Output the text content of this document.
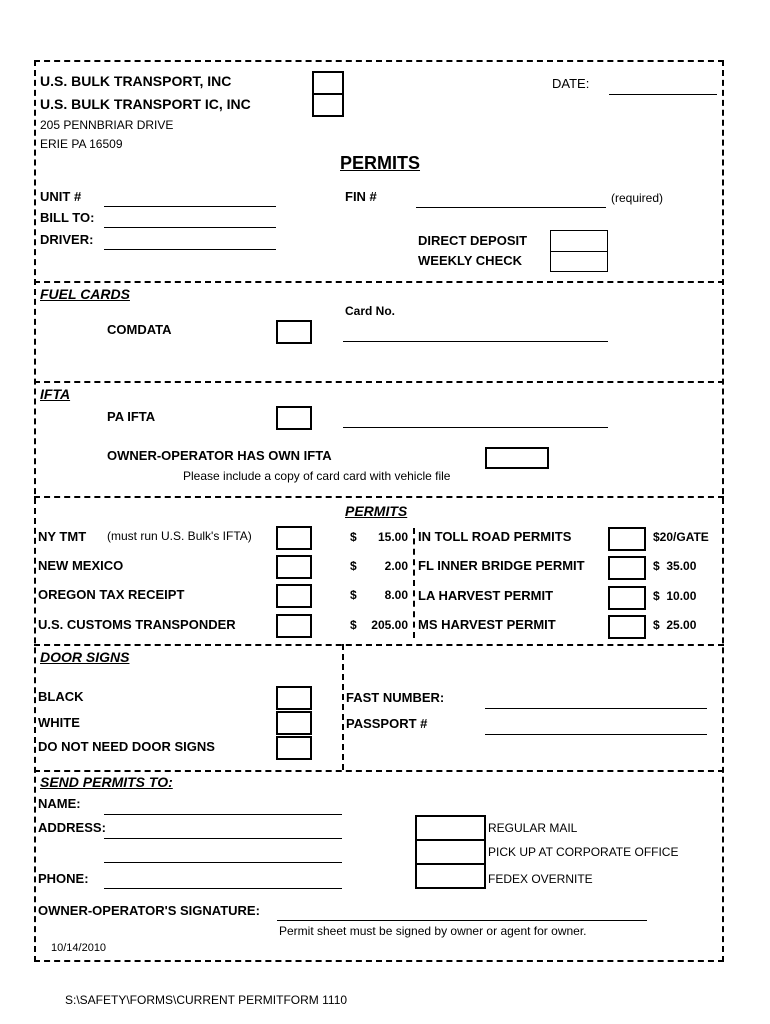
U.S. BULK TRANSPORT, INC
U.S. BULK TRANSPORT IC, INC
205 PENNBRIAR DRIVE
ERIE PA 16509
DATE:
PERMITS
UNIT #
BILL TO:
DRIVER:
FIN #	(required)
DIRECT DEPOSIT
WEEKLY CHECK
FUEL CARDS
Card No.
COMDATA
IFTA
PA IFTA
OWNER-OPERATOR HAS OWN IFTA
Please include a copy of card card with vehicle file
PERMITS
NY TMT (must run U.S. Bulk's IFTA)	$ 15.00
NEW MEXICO	$	2.00
OREGON TAX RECEIPT	$	8.00
U.S. CUSTOMS TRANSPONDER	$	205.00
IN TOLL ROAD PERMITS	$20/GATE
FL INNER BRIDGE PERMIT	$  35.00
LA HARVEST PERMIT	$  10.00
MS HARVEST PERMIT	$  25.00
DOOR SIGNS
BLACK
WHITE
DO NOT NEED DOOR SIGNS
FAST NUMBER:
PASSPORT #
SEND PERMITS TO:
NAME:
ADDRESS:
PHONE:
REGULAR MAIL
PICK UP AT CORPORATE OFFICE
FEDEX OVERNITE
OWNER-OPERATOR'S SIGNATURE:
Permit sheet must be signed by owner or agent for owner.
10/14/2010
S:\SAFETY\FORMS\CURRENT PERMITFORM 1110
